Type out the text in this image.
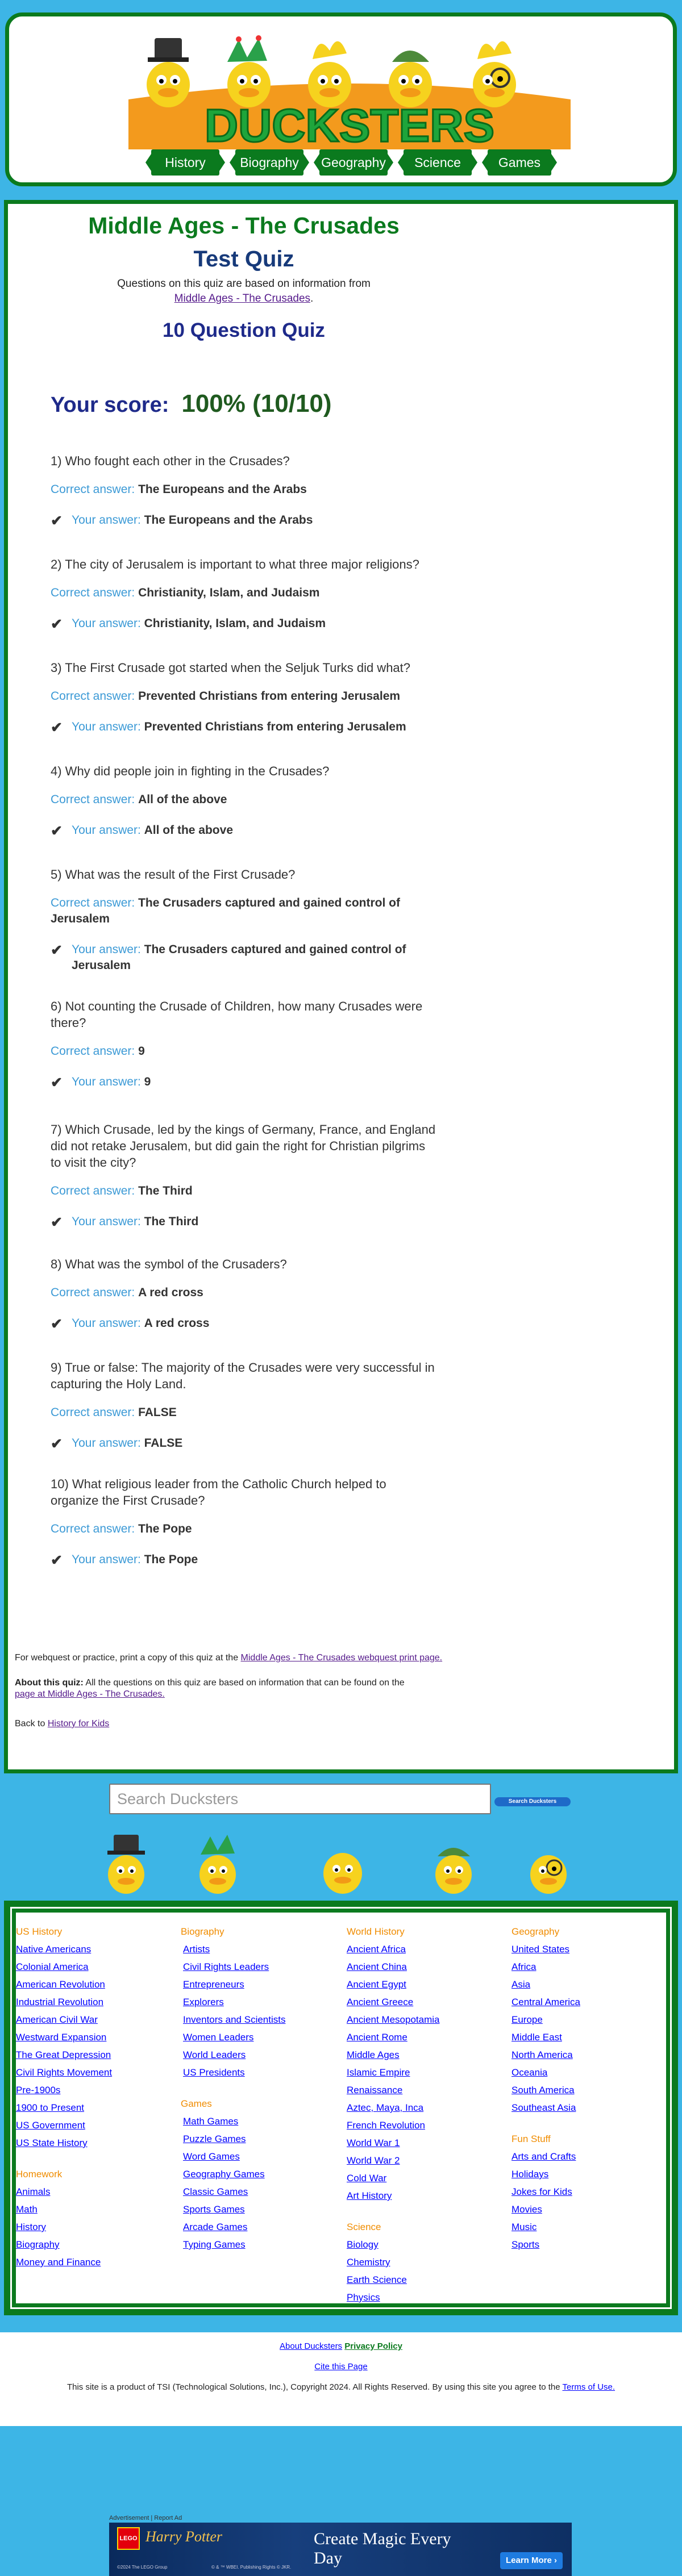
DUCKSTERS
History	Biography	Geography	Science	Games
Middle Ages - The Crusades
Test Quiz
Questions on this quiz are based on information from
Middle Ages - The Crusades.
10 Question Quiz
Your score: 100% (10/10)

1) Who fought each other in the Crusades?

Correct answer: The Europeans and the Arabs

✔ Your answer: The Europeans and the Arabs

2) The city of Jerusalem is important to what three major religions?

Correct answer: Christianity, Islam, and Judaism

✔ Your answer: Christianity, Islam, and Judaism

3) The First Crusade got started when the Seljuk Turks did what?

Correct answer: Prevented Christians from entering Jerusalem

✔ Your answer: Prevented Christians from entering Jerusalem

4) Why did people join in fighting in the Crusades?

Correct answer: All of the above

✔ Your answer: All of the above

5) What was the result of the First Crusade?

Correct answer: The Crusaders captured and gained control of Jerusalem

✔ Your answer: The Crusaders captured and gained control of Jerusalem

6) Not counting the Crusade of Children, how many Crusades were there?

Correct answer: 9

✔ Your answer: 9

7) Which Crusade, led by the kings of Germany, France, and England did not retake Jerusalem, but did gain the right for Christian pilgrims to visit the city?

Correct answer: The Third

✔ Your answer: The Third

8) What was the symbol of the Crusaders?

Correct answer: A red cross

✔ Your answer: A red cross

9) True or false: The majority of the Crusades were very successful in capturing the Holy Land.

Correct answer: FALSE

✔ Your answer: FALSE

10) What religious leader from the Catholic Church helped to organize the First Crusade?

Correct answer: The Pope

✔ Your answer: The Pope

For webquest or practice, print a copy of this quiz at the Middle Ages - The Crusades webquest print page.

About this quiz: All the questions on this quiz are based on information that can be found on the
page at Middle Ages - The Crusades.

Back to History for Kids

Search Ducksters	Search Ducksters

US History

Native Americans
Colonial America
American Revolution
Industrial Revolution
American Civil War
Westward Expansion
The Great Depression
Civil Rights Movement
Pre-1900s
1900 to Present
US Government
US State History

Homework

Animals
Math
History
Biography
Money and Finance

Biography

Artists
Civil Rights Leaders
Entrepreneurs
Explorers
Inventors and Scientists
Women Leaders
World Leaders
US Presidents

Games

Math Games
Puzzle Games
Word Games
Geography Games
Classic Games
Sports Games
Arcade Games
Typing Games

World History

Ancient Africa
Ancient China
Ancient Egypt
Ancient Greece
Ancient Mesopotamia
Ancient Rome
Middle Ages
Islamic Empire
Renaissance
Aztec, Maya, Inca
French Revolution
World War 1
World War 2
Cold War
Art History

Science

Biology
Chemistry
Earth Science
Physics

Geography

United States
Africa
Asia
Central America
Europe
Middle East
North America
Oceania
South America
Southeast Asia

Fun Stuff

Arts and Crafts
Holidays
Jokes for Kids
Movies
Music
Sports

About Ducksters Privacy Policy

Cite this Page

This site is a product of TSI (Technological Solutions, Inc.), Copyright 2024. All Rights Reserved. By using this site you agree to the Terms of Use.

Advertisement | Report Ad
LEGO Harry Potter
©2024 The LEGO Group	© & ™ WBEI. Publishing Rights © JKR.
Create Magic Every Day	Learn More ›
